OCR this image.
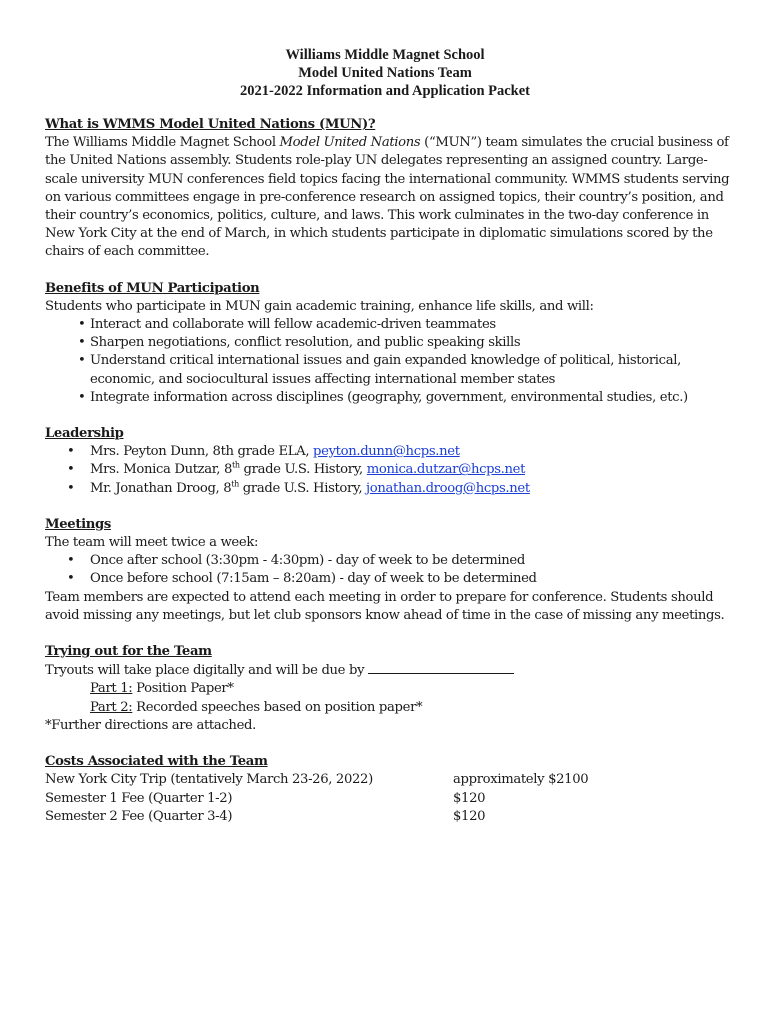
Williams Middle Magnet School
Model United Nations Team
2021-2022 Information and Application Packet

What is WMMS Model United Nations (MUN)?

The Williams Middle Magnet School Model United Nations (“MUN”) team simulates the crucial business of the United Nations assembly. Students role-play UN delegates representing an assigned country. Large-scale university MUN conferences field topics facing the international community. WMMS students serving on various committees engage in pre-conference research on assigned topics, their country’s position, and their country’s economics, politics, culture, and laws. This work culminates in the two-day conference in New York City at the end of March, in which students participate in diplomatic simulations scored by the chairs of each committee.

Benefits of MUN Participation

Students who participate in MUN gain academic training, enhance life skills, and will:

• Interact and collaborate will fellow academic-driven teammates
• Sharpen negotiations, conflict resolution, and public speaking skills
• Understand critical international issues and gain expanded knowledge of political, historical, economic, and sociocultural issues affecting international member states
• Integrate information across disciplines (geography, government, environmental studies, etc.)

Leadership

• Mrs. Peyton Dunn, 8th grade ELA, peyton.dunn@hcps.net
• Mrs. Monica Dutzar, 8th grade U.S. History, monica.dutzar@hcps.net
• Mr. Jonathan Droog, 8th grade U.S. History, jonathan.droog@hcps.net

Meetings

The team will meet twice a week:

• Once after school (3:30pm - 4:30pm) - day of week to be determined
• Once before school (7:15am – 8:20am) - day of week to be determined

Team members are expected to attend each meeting in order to prepare for conference. Students should avoid missing any meetings, but let club sponsors know ahead of time in the case of missing any meetings.

Trying out for the Team

Tryouts will take place digitally and will be due by

Part 1: Position Paper*

Part 2: Recorded speeches based on position paper*

*Further directions are attached.

Costs Associated with the Team

New York City Trip (tentatively March 23-26, 2022)	approximately $2100
Semester 1 Fee (Quarter 1-2)	$120
Semester 2 Fee (Quarter 3-4)	$120
